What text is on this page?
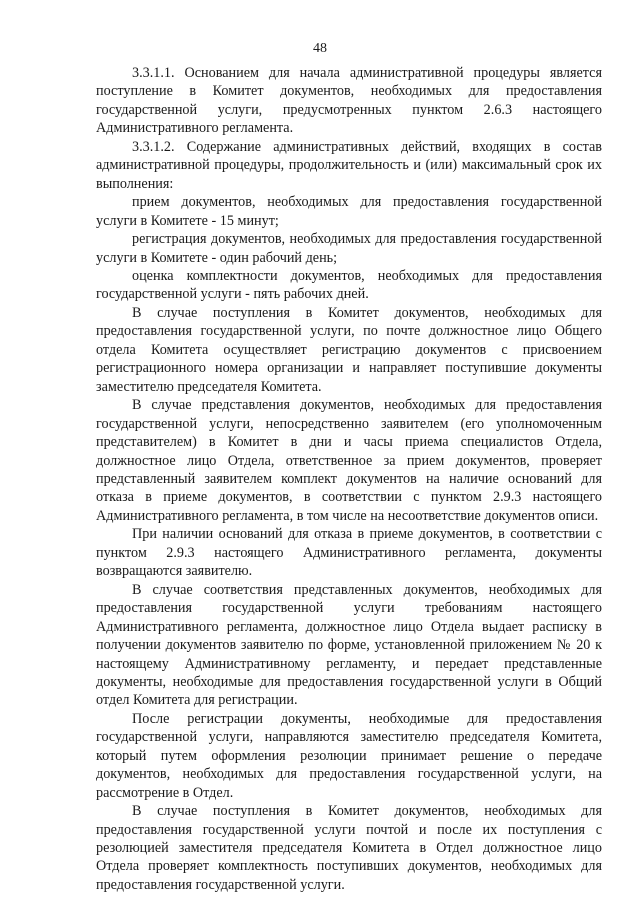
48

3.3.1.1. Основанием для начала административной процедуры является поступление в Комитет документов, необходимых для предоставления государственной услуги, предусмотренных пунктом 2.6.3 настоящего Административного регламента.

3.3.1.2. Содержание административных действий, входящих в состав административной процедуры, продолжительность и (или) максимальный срок их выполнения:

прием документов, необходимых для предоставления государственной услуги в Комитете - 15 минут;

регистрация документов, необходимых для предоставления государственной услуги в Комитете - один рабочий день;

оценка комплектности документов, необходимых для предоставления государственной услуги - пять рабочих дней.

В случае поступления в Комитет документов, необходимых для предоставления государственной услуги, по почте должностное лицо Общего отдела Комитета осуществляет регистрацию документов с присвоением регистрационного номера организации и направляет поступившие документы заместителю председателя Комитета.

В случае представления документов, необходимых для предоставления государственной услуги, непосредственно заявителем (его уполномоченным представителем) в Комитет в дни и часы приема специалистов Отдела, должностное лицо Отдела, ответственное за прием документов, проверяет представленный заявителем комплект документов на наличие оснований для отказа в приеме документов, в соответствии с пунктом 2.9.3 настоящего Административного регламента, в том числе на несоответствие документов описи.

При наличии оснований для отказа в приеме документов, в соответствии с пунктом 2.9.3 настоящего Административного регламента, документы возвращаются заявителю.

В случае соответствия представленных документов, необходимых для предоставления государственной услуги требованиям настоящего Административного регламента, должностное лицо Отдела выдает расписку в получении документов заявителю по форме, установленной приложением № 20 к настоящему Административному регламенту, и передает представленные документы, необходимые для предоставления государственной услуги в Общий отдел Комитета для регистрации.

После регистрации документы, необходимые для предоставления государственной услуги, направляются заместителю председателя Комитета, который путем оформления резолюции принимает решение о передаче документов, необходимых для предоставления государственной услуги, на рассмотрение в Отдел.

В случае поступления в Комитет документов, необходимых для предоставления государственной услуги почтой и после их поступления с резолюцией заместителя председателя Комитета в Отдел должностное лицо Отдела проверяет комплектность поступивших документов, необходимых для предоставления государственной услуги.
